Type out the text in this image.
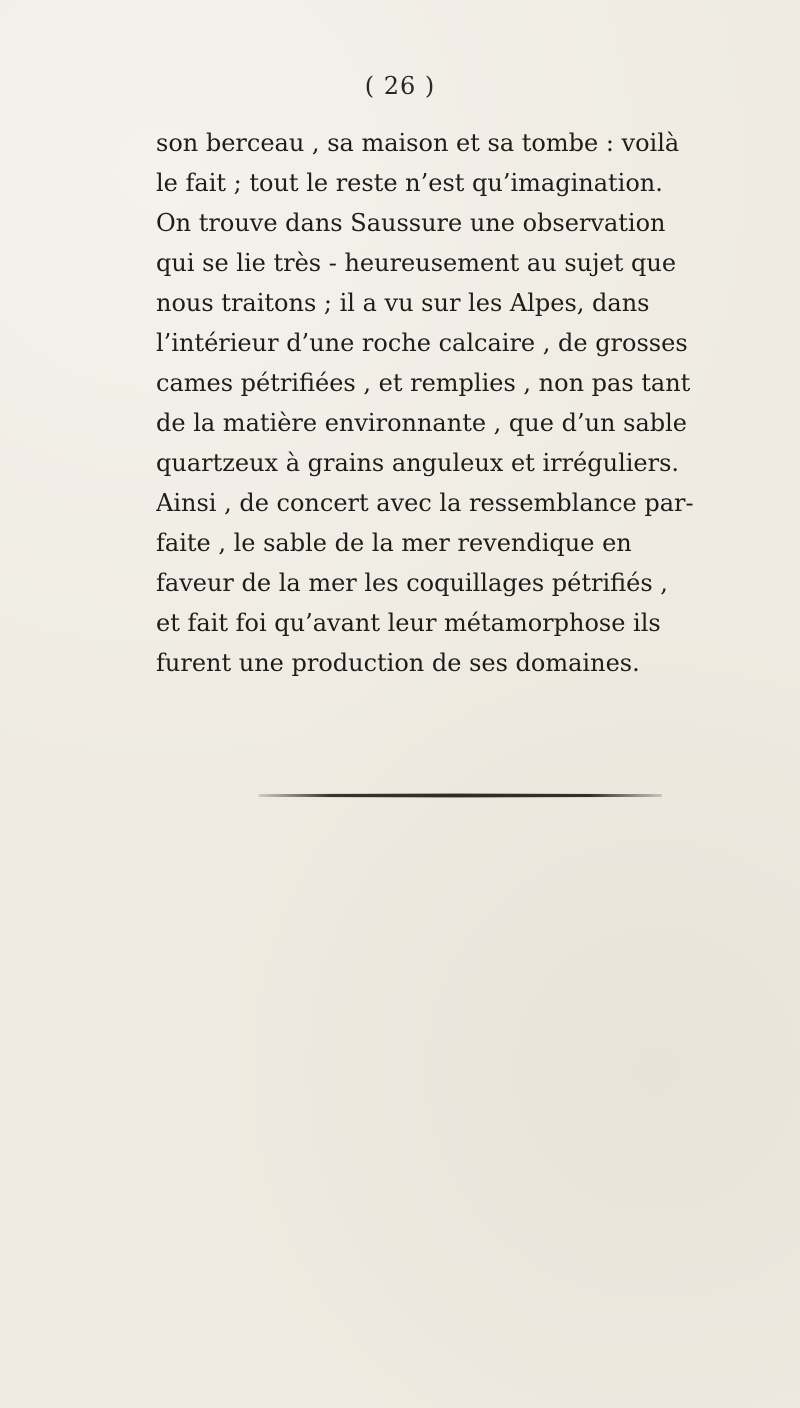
( 26 )
son berceau , sa maison et sa tombe : voilà
le fait ; tout le reste n’est qu’imagination.
On trouve dans Saussure une observation
qui se lie très - heureusement au sujet que
nous traitons ; il a vu sur les Alpes, dans
l’intérieur d’une roche calcaire , de grosses
cames pétrifiées , et remplies , non pas tant
de la matière environnante , que d’un sable
quartzeux à grains anguleux et irréguliers.
Ainsi , de concert avec la ressemblance par-
faite , le sable de la mer revendique en
faveur de la mer les coquillages pétrifiés ,
et fait foi qu’avant leur métamorphose ils
furent une production de ses domaines.
